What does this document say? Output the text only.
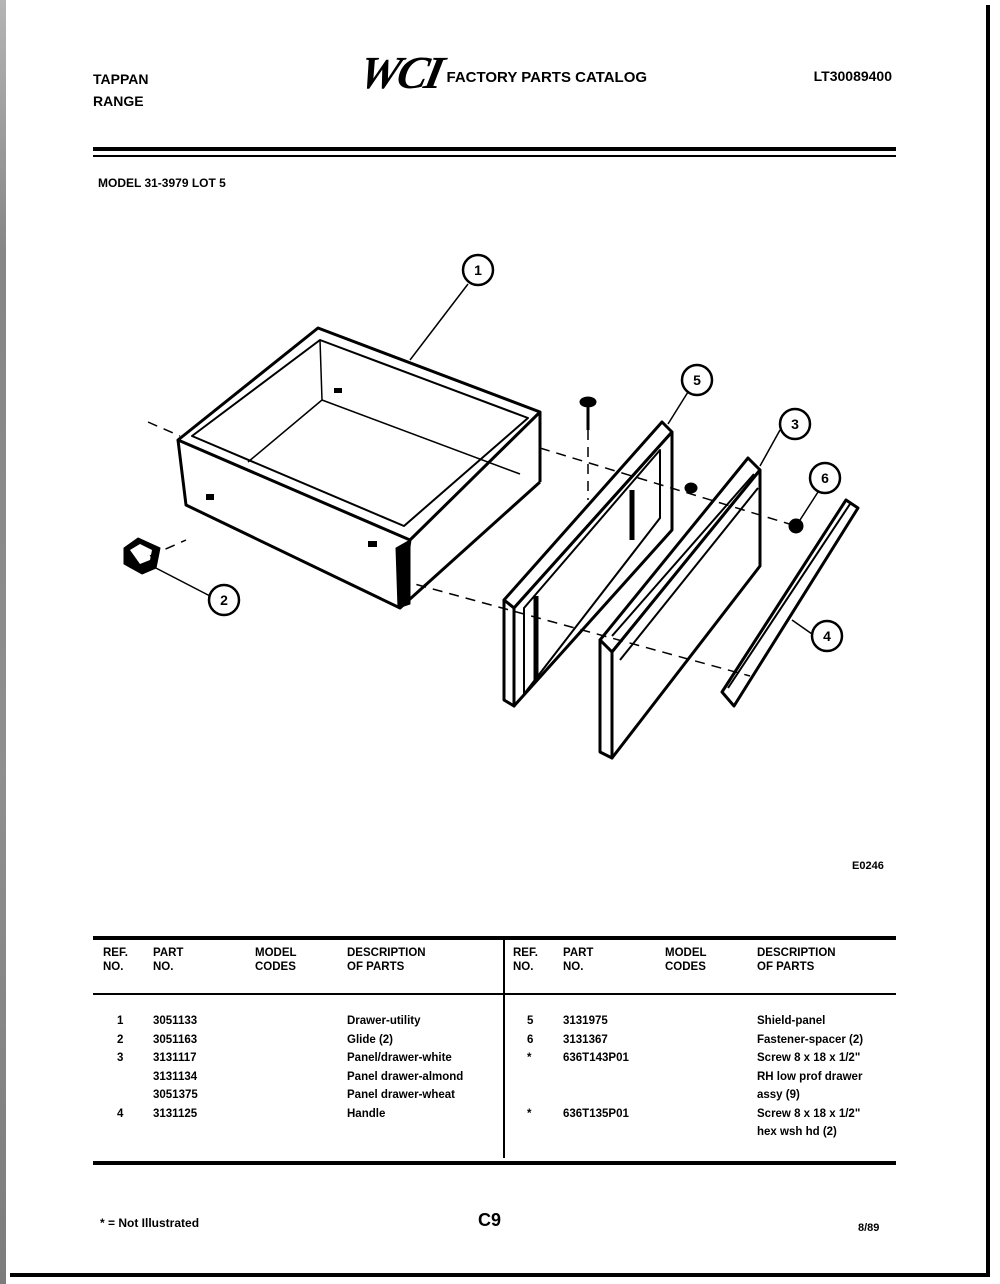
TAPPAN
RANGE
WCI FACTORY PARTS CATALOG	LT30089400
MODEL 31-3979 LOT 5
1
2
3
4
5
6
E0246
REF.
NO.
PART
NO.
MODEL
CODES
DESCRIPTION
OF PARTS
1	3051133	Drawer-utility
2	3051163	Glide (2)
3	3131117	Panel/drawer-white
3131134	Panel drawer-almond
3051375	Panel drawer-wheat
4	3131125	Handle
REF.
NO.
PART
NO.
MODEL
CODES
DESCRIPTION
OF PARTS
5	3131975	Shield-panel
6	3131367	Fastener-spacer (2)
*	636T143P01	Screw 8 x 18 x 1/2"
RH low prof drawer
assy (9)
*	636T135P01	Screw 8 x 18 x 1/2"
hex wsh hd (2)
* = Not Illustrated	C9	8/89
